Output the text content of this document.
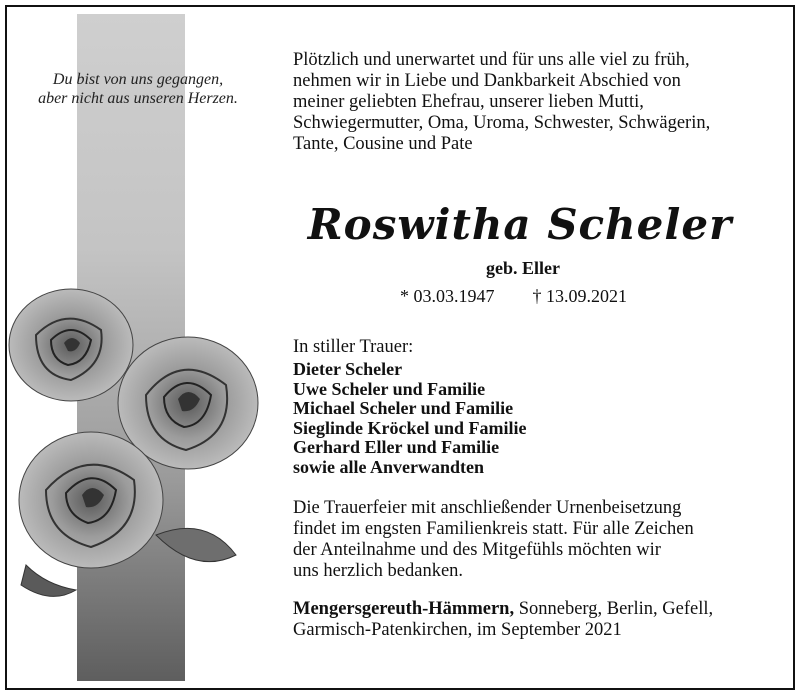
Du bist von uns gegangen,
aber nicht aus unseren Herzen.
Plötzlich und unerwartet und für uns alle viel zu früh,
nehmen wir in Liebe und Dankbarkeit Abschied von
meiner geliebten Ehefrau, unserer lieben Mutti,
Schwiegermutter, Oma, Uroma, Schwester, Schwägerin,
Tante, Cousine und Pate
Roswitha Scheler
geb. Eller
* 03.03.1947 † 13.09.2021
In stiller Trauer:
Dieter Scheler
Uwe Scheler und Familie
Michael Scheler und Familie
Sieglinde Kröckel und Familie
Gerhard Eller und Familie
sowie alle Anverwandten
Die Trauerfeier mit anschließender Urnenbeisetzung
findet im engsten Familienkreis statt. Für alle Zeichen
der Anteilnahme und des Mitgefühls möchten wir
uns herzlich bedanken.
Mengersgereuth-Hämmern, Sonneberg, Berlin, Gefell,
Garmisch-Patenkirchen, im September 2021
